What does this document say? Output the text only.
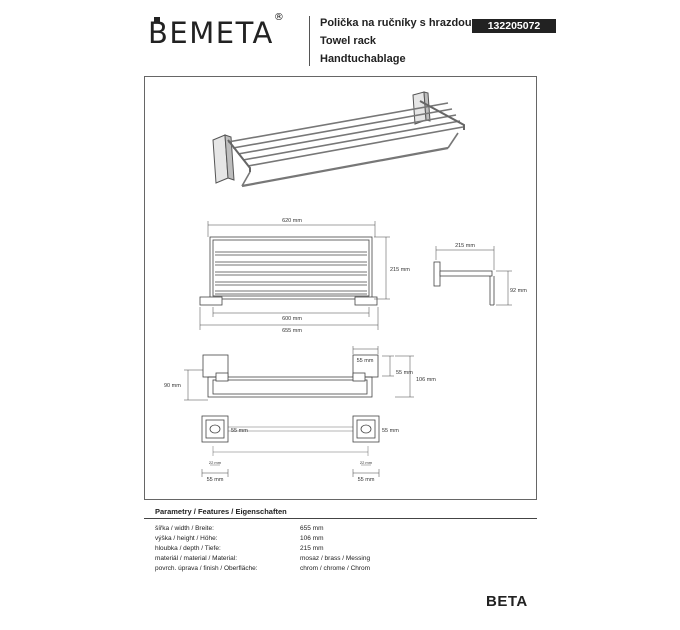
BEMETA®	Polička na ručníky s hrazdou
Towel rack
Handtuchablage
132205072
620 mm
215 mm
600 mm
655 mm
215 mm
92 mm
55 mm
55 mm
90 mm
106 mm
55 mm	55 mm
22 mm	22 mm
55 mm	55 mm
Parametry / Features / Eigenschaften
šířka / width / Breite:	655 mm
výška / height / Höhe:	106 mm
hloubka / depth / Tiefe:	215 mm
materiál / material / Material:	mosaz / brass / Messing
povrch. úprava / finish / Oberfläche:	chrom / chrome / Chrom
BETA
